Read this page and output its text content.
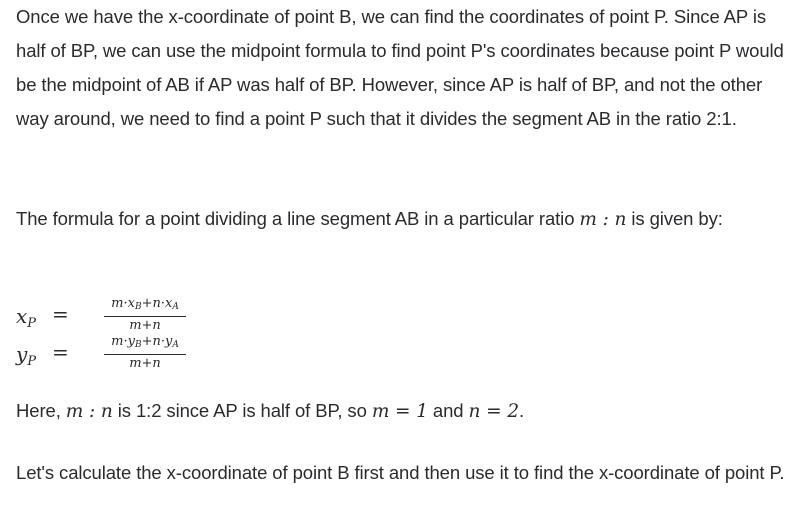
Once we have the x-coordinate of point B, we can find the coordinates of point P. Since AP is half of BP, we can use the midpoint formula to find point P's coordinates because point P would be the midpoint of AB if AP was half of BP. However, since AP is half of BP, and not the other way around, we need to find a point P such that it divides the segment AB in the ratio 2:1.

The formula for a point dividing a line segment AB in a particular ratio m : n is given by:

$x_P$ =	$m\cdot x_B+n\cdot x_A$
m+n
$y_P$ =	$m\cdot y_B+n\cdot y_A$
m+n

Here, m : n is 1:2 since AP is half of BP, so m = 1 and n = 2.

Let's calculate the x-coordinate of point B first and then use it to find the x-coordinate of point P.
